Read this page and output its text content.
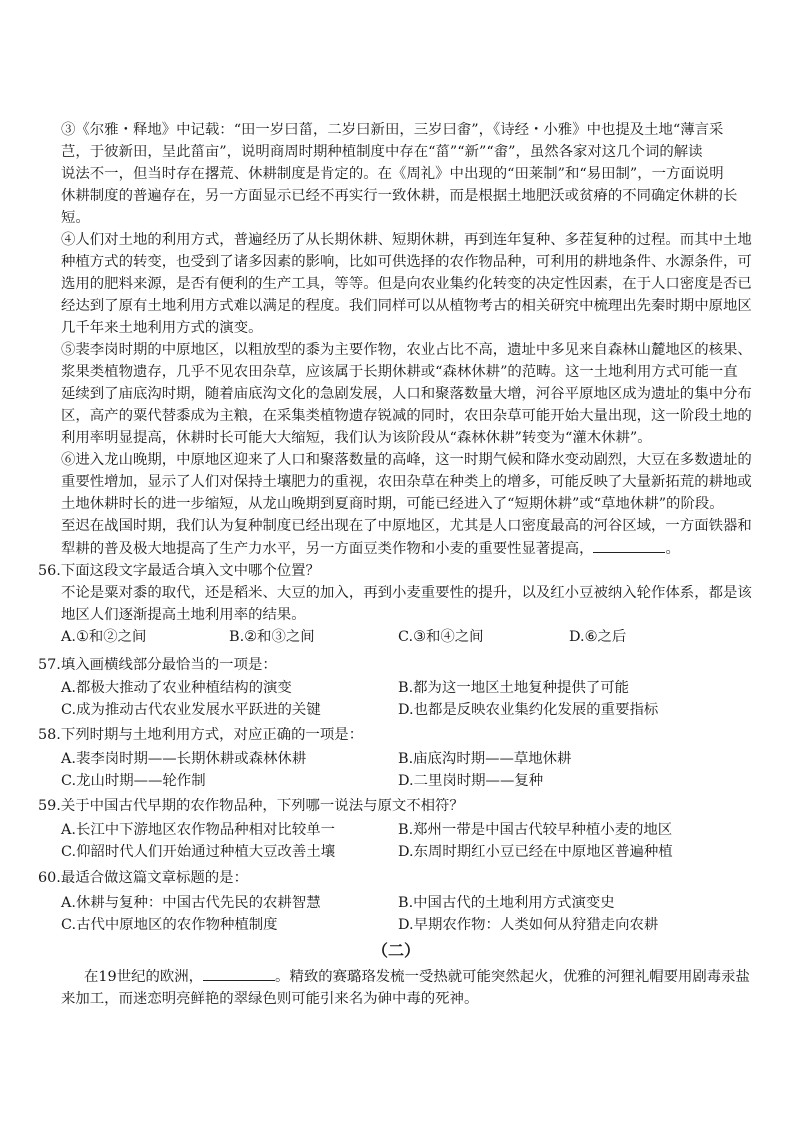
③《尔雅・释地》中记载：“田一岁曰菑，二岁曰新田，三岁曰畬”，《诗经・小雅》中也提及土地“薄言采
芑，于彼新田，呈此菑亩”，说明商周时期种植制度中存在“菑”“新”“畬”，虽然各家对这几个词的解读
说法不一，但当时存在撂荒、休耕制度是肯定的。在《周礼》中出现的“田莱制”和“易田制”，一方面说明
休耕制度的普遍存在，另一方面显示已经不再实行一致休耕，而是根据土地肥沃或贫瘠的不同确定休耕的长
短。
④人们对土地的利用方式，普遍经历了从长期休耕、短期休耕，再到连年复种、多茬复种的过程。而其中土地
种植方式的转变，也受到了诸多因素的影响，比如可供选择的农作物品种，可利用的耕地条件、水源条件，可
选用的肥料来源，是否有便利的生产工具，等等。但是向农业集约化转变的决定性因素，在于人口密度是否已
经达到了原有土地利用方式难以满足的程度。我们同样可以从植物考古的相关研究中梳理出先秦时期中原地区
几千年来土地利用方式的演变。
⑤裴李岗时期的中原地区，以粗放型的黍为主要作物，农业占比不高，遗址中多见来自森林山麓地区的核果、
浆果类植物遗存，几乎不见农田杂草，应该属于长期休耕或“森林休耕”的范畴。这一土地利用方式可能一直
延续到了庙底沟时期，随着庙底沟文化的急剧发展，人口和聚落数量大增，河谷平原地区成为遗址的集中分布
区，高产的粟代替黍成为主粮，在采集类植物遗存锐减的同时，农田杂草可能开始大量出现，这一阶段土地的
利用率明显提高，休耕时长可能大大缩短，我们认为该阶段从“森林休耕”转变为“灌木休耕”。
⑥进入龙山晚期，中原地区迎来了人口和聚落数量的高峰，这一时期气候和降水变动剧烈，大豆在多数遗址的
重要性增加，显示了人们对保持土壤肥力的重视，农田杂草在种类上的增多，可能反映了大量新拓荒的耕地或
土地休耕时长的进一步缩短，从龙山晚期到夏商时期，可能已经进入了“短期休耕”或“草地休耕”的阶段。
至迟在战国时期，我们认为复种制度已经出现在了中原地区，尤其是人口密度最高的河谷区域，一方面铁器和
犁耕的普及极大地提高了生产力水平，另一方面豆类作物和小麦的重要性显著提高，	。
56.下面这段文字最适合填入文中哪个位置？
不论是粟对黍的取代，还是稻米、大豆的加入，再到小麦重要性的提升，以及红小豆被纳入轮作体系，都是该
地区人们逐渐提高土地利用率的结果。
A.①和②之间	B.②和③之间	C.③和④之间	D.⑥之后
57.填入画横线部分最恰当的一项是：
A.都极大推动了农业种植结构的演变	B.都为这一地区土地复种提供了可能
C.成为推动古代农业发展水平跃进的关键	D.也都是反映农业集约化发展的重要指标
58.下列时期与土地利用方式，对应正确的一项是：
A.裴李岗时期——长期休耕或森林休耕	B.庙底沟时期——草地休耕
C.龙山时期——轮作制	D.二里岗时期——复种
59.关于中国古代早期的农作物品种，下列哪一说法与原文不相符？
A.长江中下游地区农作物品种相对比较单一	B.郑州一带是中国古代较早种植小麦的地区
C.仰韶时代人们开始通过种植大豆改善土壤	D.东周时期红小豆已经在中原地区普遍种植
60.最适合做这篇文章标题的是：
A.休耕与复种：中国古代先民的农耕智慧	B.中国古代的土地利用方式演变史
C.古代中原地区的农作物种植制度	D.早期农作物：人类如何从狩猎走向农耕
（二）
在19世纪的欧洲，	。精致的赛璐珞发梳一受热就可能突然起火，优雅的河狸礼帽要用剧毒汞盐
来加工，而迷恋明亮鲜艳的翠绿色则可能引来名为砷中毒的死神。
